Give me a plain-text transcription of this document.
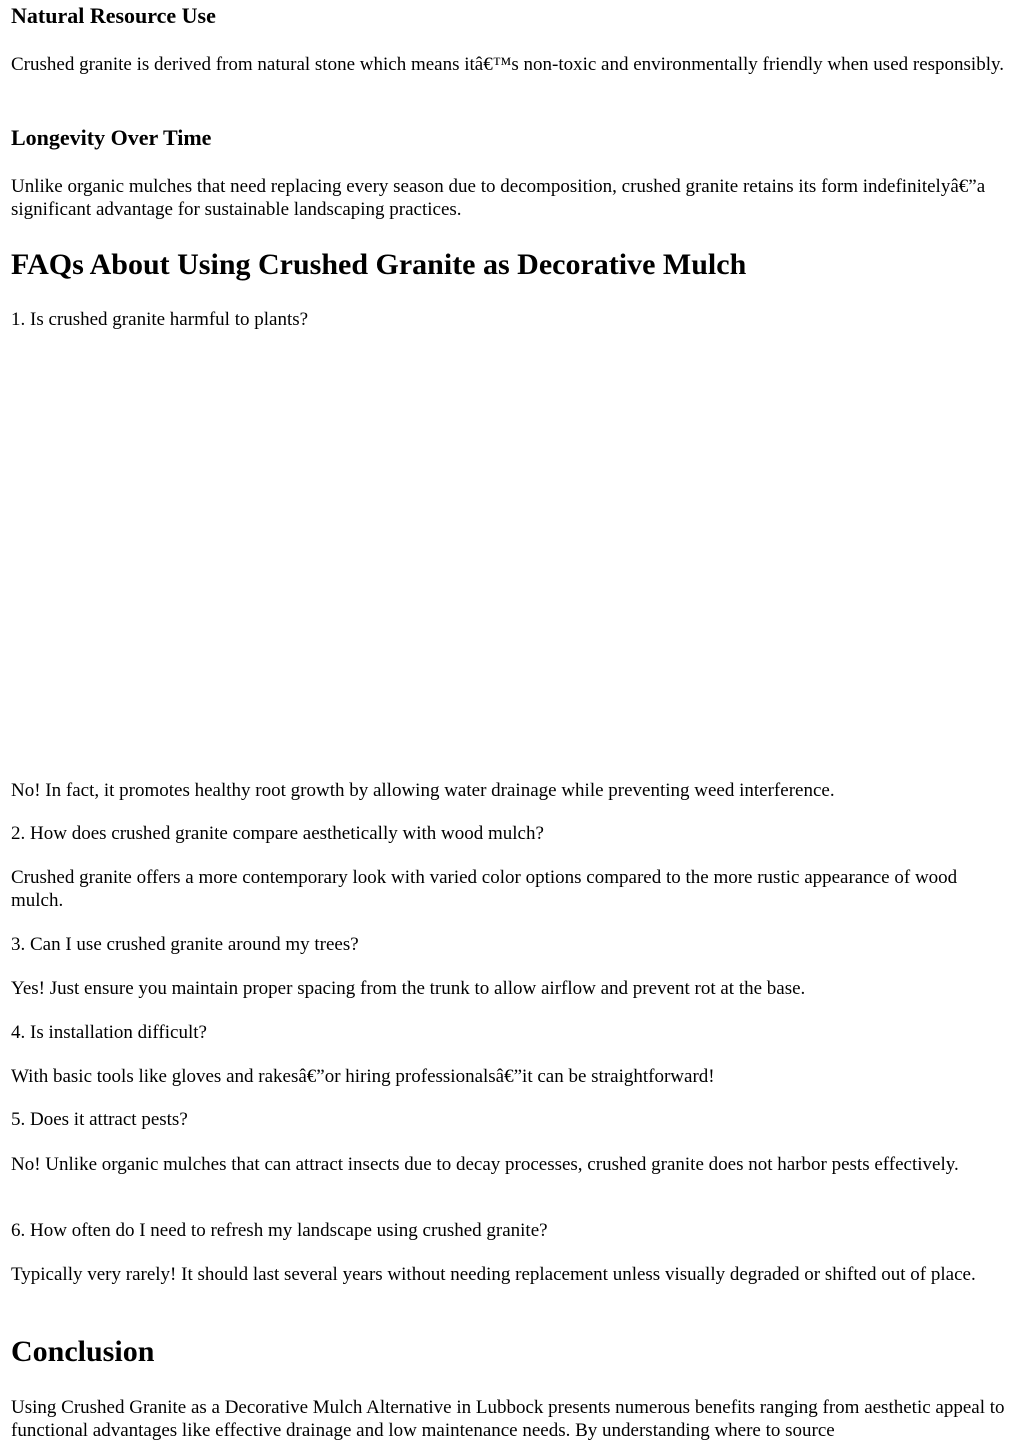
Natural Resource Use

Crushed granite is derived from natural stone which means itâ€™s non-toxic and environmentally friendly when used responsibly.

Longevity Over Time

Unlike organic mulches that need replacing every season due to decomposition, crushed granite retains its form indefinitelyâ€”a significant advantage for sustainable landscaping practices.

FAQs About Using Crushed Granite as Decorative Mulch

1. Is crushed granite harmful to plants?

No! In fact, it promotes healthy root growth by allowing water drainage while preventing weed interference.

2. How does crushed granite compare aesthetically with wood mulch?

Crushed granite offers a more contemporary look with varied color options compared to the more rustic appearance of wood mulch.

3. Can I use crushed granite around my trees?

Yes! Just ensure you maintain proper spacing from the trunk to allow airflow and prevent rot at the base.

4. Is installation difficult?

With basic tools like gloves and rakesâ€”or hiring professionalsâ€”it can be straightforward!

5. Does it attract pests?

No! Unlike organic mulches that can attract insects due to decay processes, crushed granite does not harbor pests effectively.

6. How often do I need to refresh my landscape using crushed granite?

Typically very rarely! It should last several years without needing replacement unless visually degraded or shifted out of place.

Conclusion

Using Crushed Granite as a Decorative Mulch Alternative in Lubbock presents numerous benefits ranging from aesthetic appeal to functional advantages like effective drainage and low maintenance needs. By understanding where to source
